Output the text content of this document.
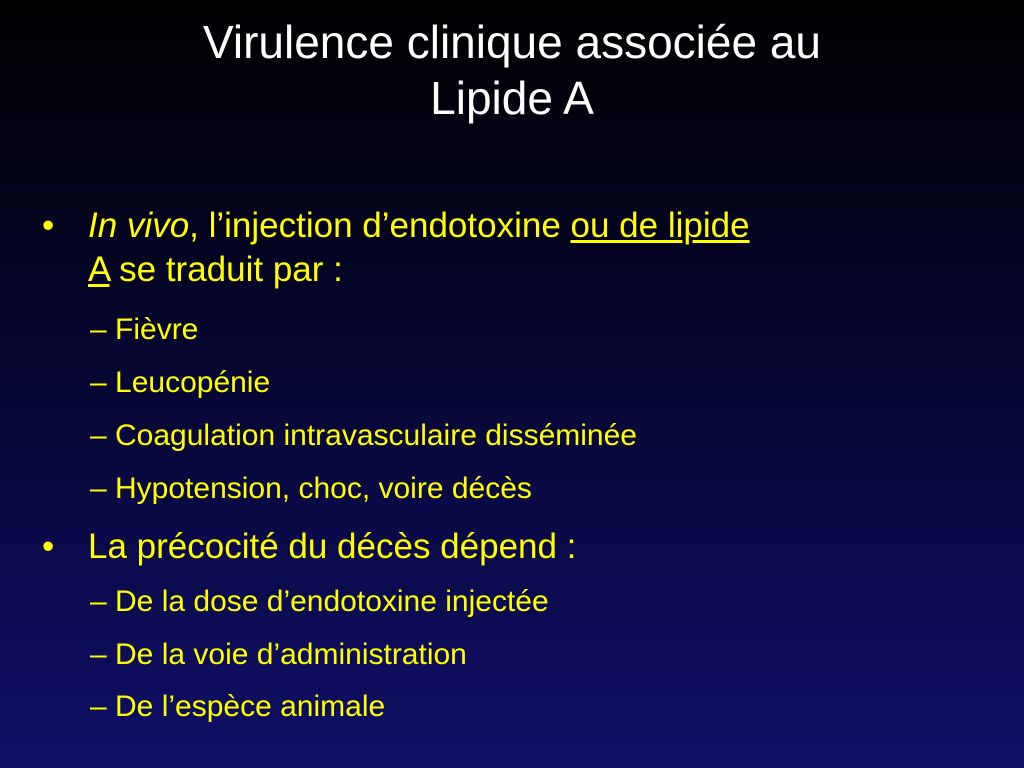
Virulence clinique associée au
Lipide A
• In vivo, l’injection d’endotoxine ou de lipide
A se traduit par :
– Fièvre
– Leucopénie
– Coagulation intravasculaire disséminée
– Hypotension, choc, voire décès
• La précocité du décès dépend :
– De la dose d’endotoxine injectée
– De la voie d’administration
– De l’espèce animale
